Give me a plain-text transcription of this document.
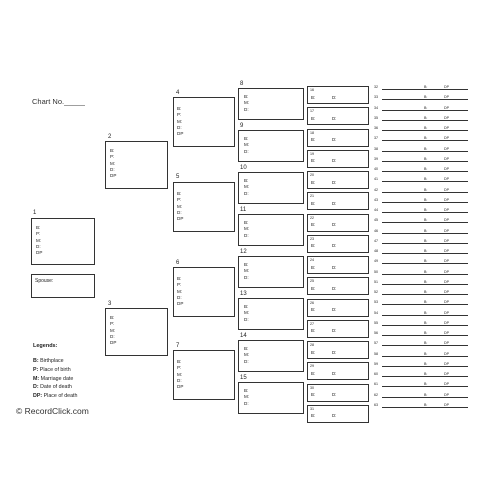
Chart No._____
Legends:
B: Birthplace
P: Place of birth
M: Marriage date
D: Date of death
DP: Place of death
© RecordClick.com
1
B:
P:
M:
D:
DP
Spouse:
2
B:
P:
M:
D:
DP
3
B:
P:
M:
D:
DP
4
B:
P:
M:
D:
DP
5
B:
P:
M:
D:
DP
6
B:
P:
M:
D:
DP
7
B:
P:
M:
D:
DP
8
B:
M:
D:
9
B:
M:
D:
10
B:
M:
D:
11
B:
M:
D:
12
B:
M:
D:
13
B:
M:
D:
14
B:
M:
D:
15
B:
M:
D:
16
B:	D:
17
B:	D:
18
B:	D:
19
B:	D:
20
B:	D:
21
B:	D:
22
B:	D:
23
B:	D:
24
B:	D:
25
B:	D:
26
B:	D:
27
B:	D:
28
B:	D:
29
B:	D:
30
B:	D:
31
B:	D:
32	B:	DP
33	B:	DP
34	B:	DP
35	B:	DP
36	B:	DP
37	B:	DP
38	B:	DP
39	B:	DP
40	B:	DP
41	B:	DP
42	B:	DP
43	B:	DP
44	B:	DP
45	B:	DP
46	B:	DP
47	B:	DP
48	B:	DP
49	B:	DP
50	B:	DP
51	B:	DP
52	B:	DP
53	B:	DP
54	B:	DP
55	B:	DP
56	B:	DP
57	B:	DP
58	B:	DP
59	B:	DP
60	B:	DP
61	B:	DP
62	B:	DP
63	B:	DP
